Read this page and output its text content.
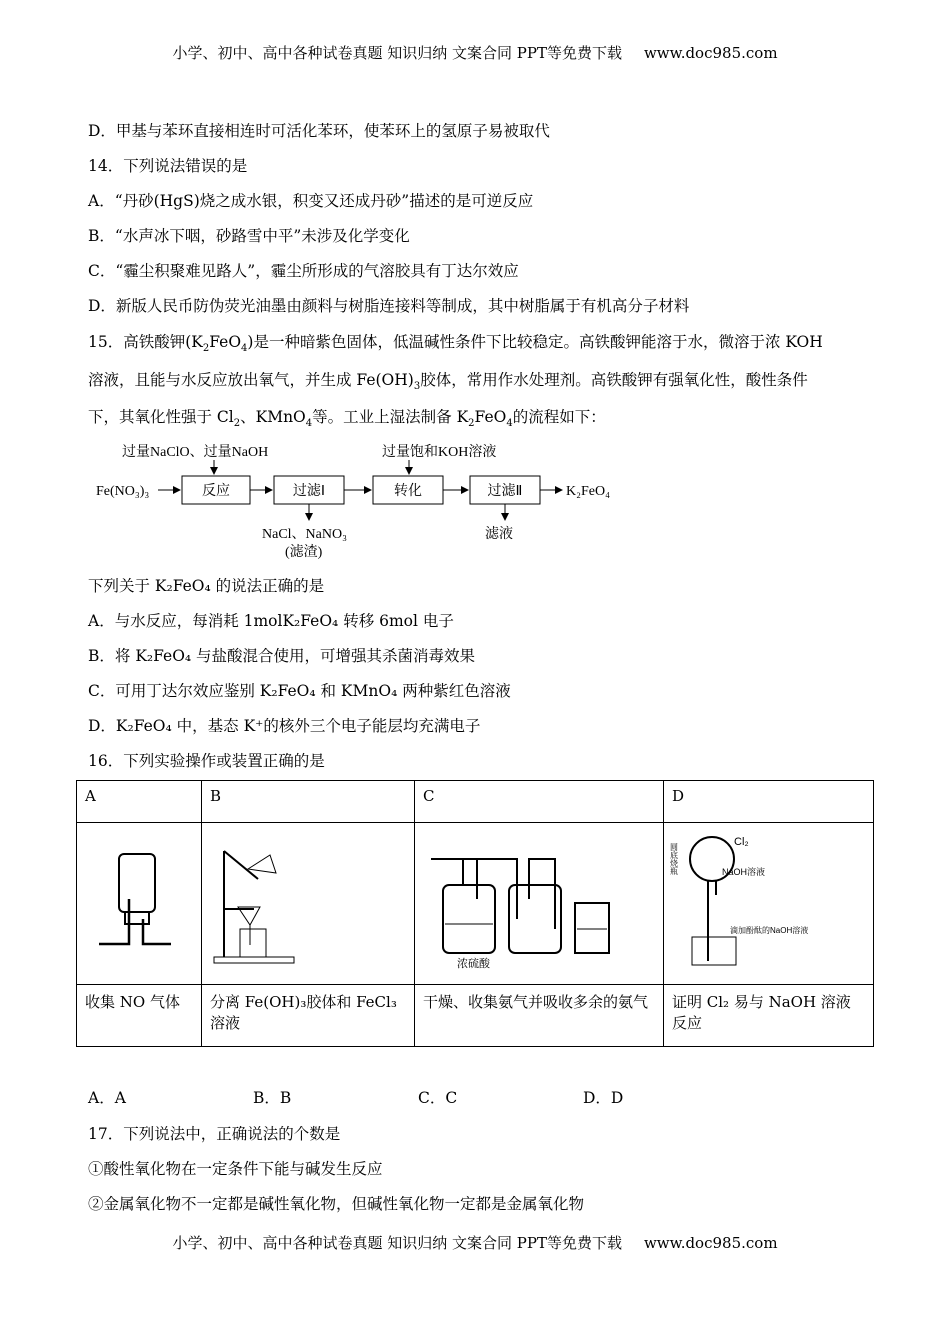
小学、初中、高中各种试卷真题 知识归纳 文案合同 PPT等免费下载 www.doc985.com
D．甲基与苯环直接相连时可活化苯环，使苯环上的氢原子易被取代
14．下列说法错误的是
A．“丹砂(HgS)烧之成水银，积变又还成丹砂”描述的是可逆反应
B．“水声冰下咽，砂路雪中平”未涉及化学变化
C．“霾尘积聚难见路人”，霾尘所形成的气溶胶具有丁达尔效应
D．新版人民币防伪荧光油墨由颜料与树脂连接料等制成，其中树脂属于有机高分子材料
15．高铁酸钾$(K_2FeO_4)$是一种暗紫色固体，低温碱性条件下比较稳定。高铁酸钾能溶于水，微溶于浓 KOH
溶液，且能与水反应放出氧气，并生成 $Fe(OH)_3$胶体，常用作水处理剂。高铁酸钾有强氧化性，酸性条件
下，其氧化性强于 $Cl_2$、KMnO$_4$等。工业上湿法制备 $K_2FeO_4$的流程如下：
过量NaClO、过量NaOH	过量饱和KOH溶液
Fe(NO₃)₃	反应	过滤Ⅰ	转化	过滤Ⅱ	K₂FeO₄
NaCl、NaNO₃
(滤渣)
滤液
下列关于 K₂FeO₄ 的说法正确的是
A．与水反应，每消耗 1molK₂FeO₄ 转移 6mol 电子
B．将 K₂FeO₄ 与盐酸混合使用，可增强其杀菌消毒效果
C．可用丁达尔效应鉴别 K₂FeO₄ 和 KMnO₄ 两种紫红色溶液
D．K₂FeO₄ 中，基态 K⁺的核外三个电子能层均充满电子
16．下列实验操作或装置正确的是
A	B	C	D

浓硫酸	Cl₂
NaOH溶液
圆底烧瓶
滴加酚酞的NaOH溶液

收集 NO 气体	分离 Fe(OH)₃胶体和 FeCl₃溶液	干燥、收集氨气并吸收多余的氨气	证明 Cl₂ 易与 NaOH 溶液反应
A．A	B．B	C．C	D．D
17．下列说法中，正确说法的个数是
①酸性氧化物在一定条件下能与碱发生反应
②金属氧化物不一定都是碱性氧化物，但碱性氧化物一定都是金属氧化物
小学、初中、高中各种试卷真题 知识归纳 文案合同 PPT等免费下载 www.doc985.com
